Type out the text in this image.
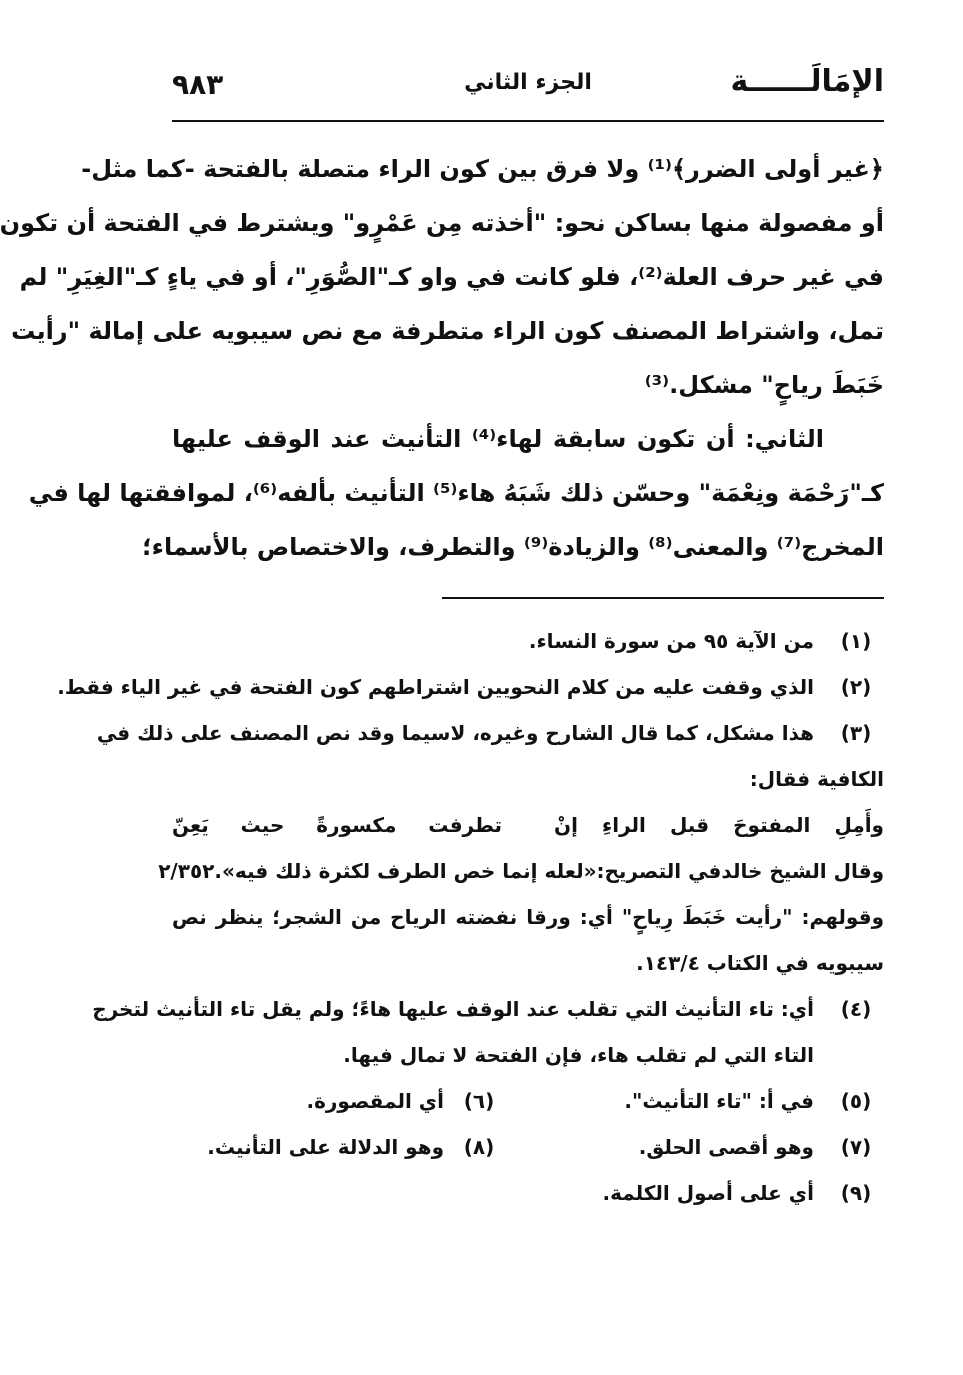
الإمَالَــــــة
الجزء الثاني
٩٨٣
﴿غير أولى الضرر﴾⁽¹⁾ ولا فرق بين كون الراء متصلة بالفتحة -كما مثل-
أو مفصولة منها بساكن نحو: "أخذته مِن عَمْرٍو" ويشترط في الفتحة أن تكون
في غير حرف العلة⁽²⁾، فلو كانت في واو كـ"الصُّوَرِ"، أو في ياءٍ كـ"الغِيَرِ" لم
تمل، واشتراط المصنف كون الراء متطرفة مع نص سيبويه على إمالة "رأيت
خَبَطَ رياحٍ" مشكل.⁽³⁾
الثاني: أن تكون سابقة لهاء⁽⁴⁾ التأنيث عند الوقف عليها
كـ"رَحْمَة ونِعْمَة" وحسّن ذلك شَبَهُ هاء⁽⁵⁾ التأنيث بألفه⁽⁶⁾، لموافقتها لها في
المخرج⁽⁷⁾ والمعنى⁽⁸⁾ والزيادة⁽⁹⁾ والتطرف، والاختصاص بالأسماء؛
(١)
من الآية ٩٥ من سورة النساء.
(٢)
الذي وقفت عليه من كلام النحويين اشتراطهم كون الفتحة في غير الياء فقط.
(٣)
هذا مشكل، كما قال الشارح وغيره، لاسيما وقد نص المصنف على ذلك في
الكافية فقال:
وأَمِلِ المفتوحَ قبل الراءِ إنْ
تطرفت مكسورةً حيث يَعِنّ
وقال الشيخ خالدفي التصريح:«لعله إنما خص الطرف لكثرة ذلك فيه».٢/٣٥٢
وقولهم: "رأيت خَبَطَ رِياحٍ" أي: ورقا نفضته الرياح من الشجر؛ ينظر نص
سيبويه في الكتاب ١٤٣/٤.
(٤)
أي: تاء التأنيث التي تقلب عند الوقف عليها هاءً؛ ولم يقل تاء التأنيث لتخرج
التاء التي لم تقلب هاء، فإن الفتحة لا تمال فيها.
(٥)
في أ: "تاء التأنيث".
(٦)
أي المقصورة.
(٧)
وهو أقصى الحلق.
(٨)
وهو الدلالة على التأنيث.
(٩)
أي على أصول الكلمة.
